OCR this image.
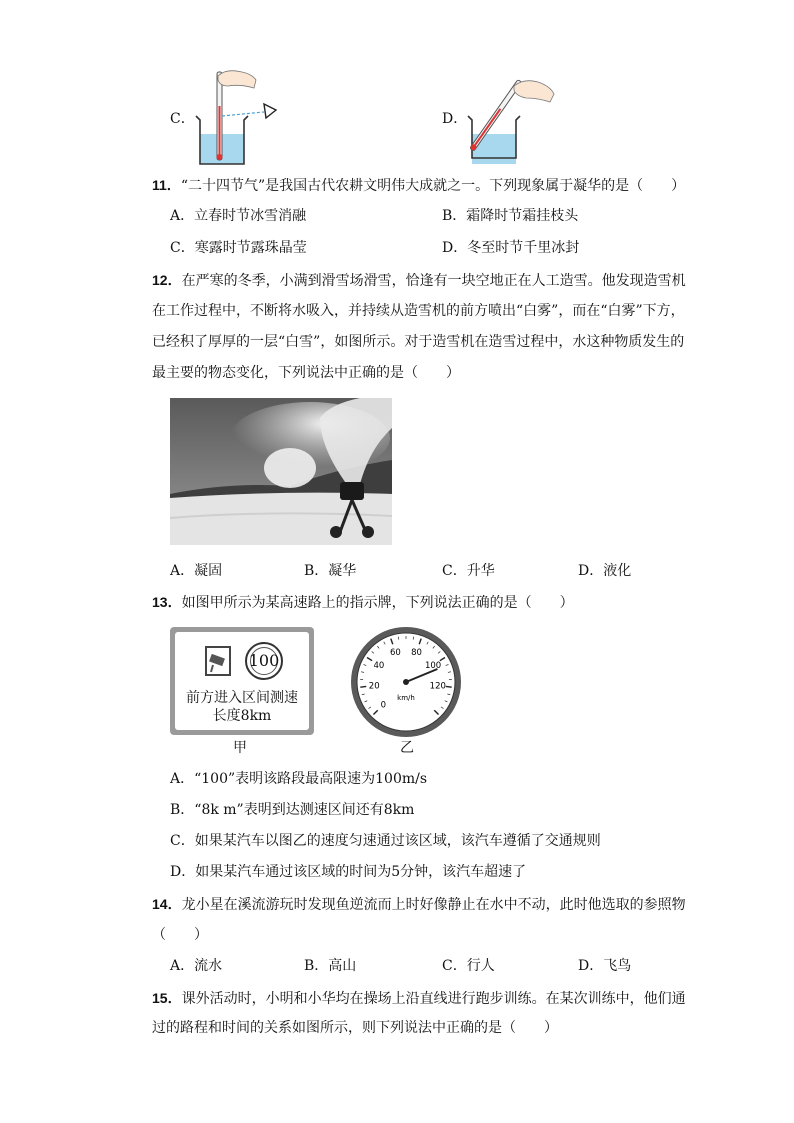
C．	D．
11．“二十四节气”是我国古代农耕文明伟大成就之一。下列现象属于凝华的是（　　）
A．立春时节冰雪消融	B．霜降时节霜挂枝头
C．寒露时节露珠晶莹	D．冬至时节千里冰封
12．在严寒的冬季，小满到滑雪场滑雪，恰逢有一块空地正在人工造雪。他发现造雪机
在工作过程中，不断将水吸入，并持续从造雪机的前方喷出“白雾”，而在“白雾”下方，
已经积了厚厚的一层“白雪”，如图所示。对于造雪机在造雪过程中，水这种物质发生的
最主要的物态变化，下列说法中正确的是（　　）
A．凝固	B．凝华	C．升华	D．液化
13．如图甲所示为某高速路上的指示牌，下列说法正确的是（　　）
100
前方进入区间测速
长度8km
甲
0
20
40
60 80
100
120
km/h
乙
A．“100”表明该路段最高限速为100m/s
B．“8k m”表明到达测速区间还有8km
C．如果某汽车以图乙的速度匀速通过该区域，该汽车遵循了交通规则
D．如果某汽车通过该区域的时间为5分钟，该汽车超速了
14．龙小星在溪流游玩时发现鱼逆流而上时好像静止在水中不动，此时他选取的参照物
（　　）
A．流水	B．高山	C．行人	D．飞鸟
15．课外活动时，小明和小华均在操场上沿直线进行跑步训练。在某次训练中，他们通
过的路程和时间的关系如图所示，则下列说法中正确的是（　　）
